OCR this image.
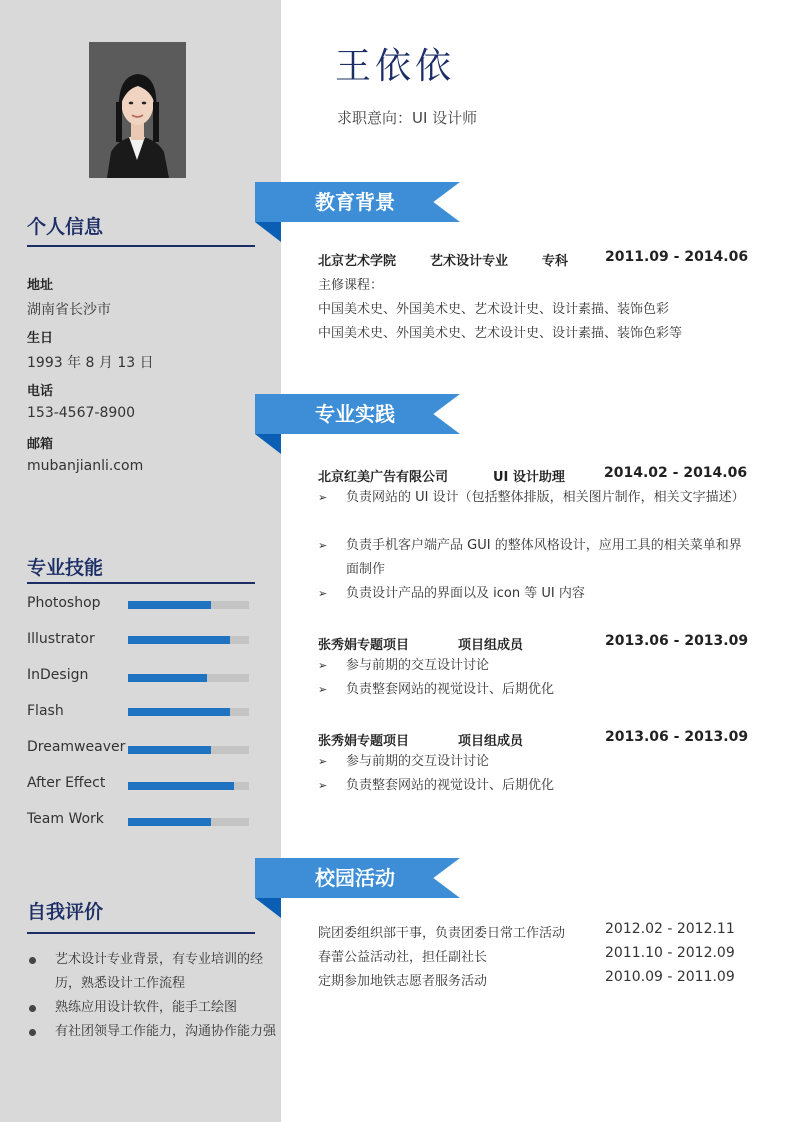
个人信息
地址
湖南省长沙市
生日
1993 年 8 月 13 日
电话
153-4567-8900
邮箱
mubanjianli.com
专业技能
Photoshop
Illustrator
InDesign
Flash
Dreamweaver
After Effect
Team Work
自我评价
艺术设计专业背景，有专业培训的经历，熟悉设计工作流程
熟练应用设计软件，能手工绘图
有社团领导工作能力，沟通协作能力强
王依依
求职意向：UI 设计师
教育背景
北京艺术学院	艺术设计专业	专科	2011.09 - 2014.06
主修课程：
中国美术史、外国美术史、艺术设计史、设计素描、装饰色彩
中国美术史、外国美术史、艺术设计史、设计素描、装饰色彩等
专业实践
北京红美广告有限公司	UI 设计助理	2014.02 - 2014.06
➢	负责网站的 UI 设计（包括整体排版，相关图片制作，相关文字描述）
➢	负责手机客户端产品 GUI 的整体风格设计，应用工具的相关菜单和界面制作
➢	负责设计产品的界面以及 icon 等 UI 内容
张秀娟专题项目	项目组成员	2013.06 - 2013.09
➢	参与前期的交互设计讨论
➢	负责整套网站的视觉设计、后期优化
张秀娟专题项目	项目组成员	2013.06 - 2013.09
➢	参与前期的交互设计讨论
➢	负责整套网站的视觉设计、后期优化
校园活动
院团委组织部干事，负责团委日常工作活动	2012.02 - 2012.11
春蕾公益活动社，担任副社长	2011.10 - 2012.09
定期参加地铁志愿者服务活动	2010.09 - 2011.09
